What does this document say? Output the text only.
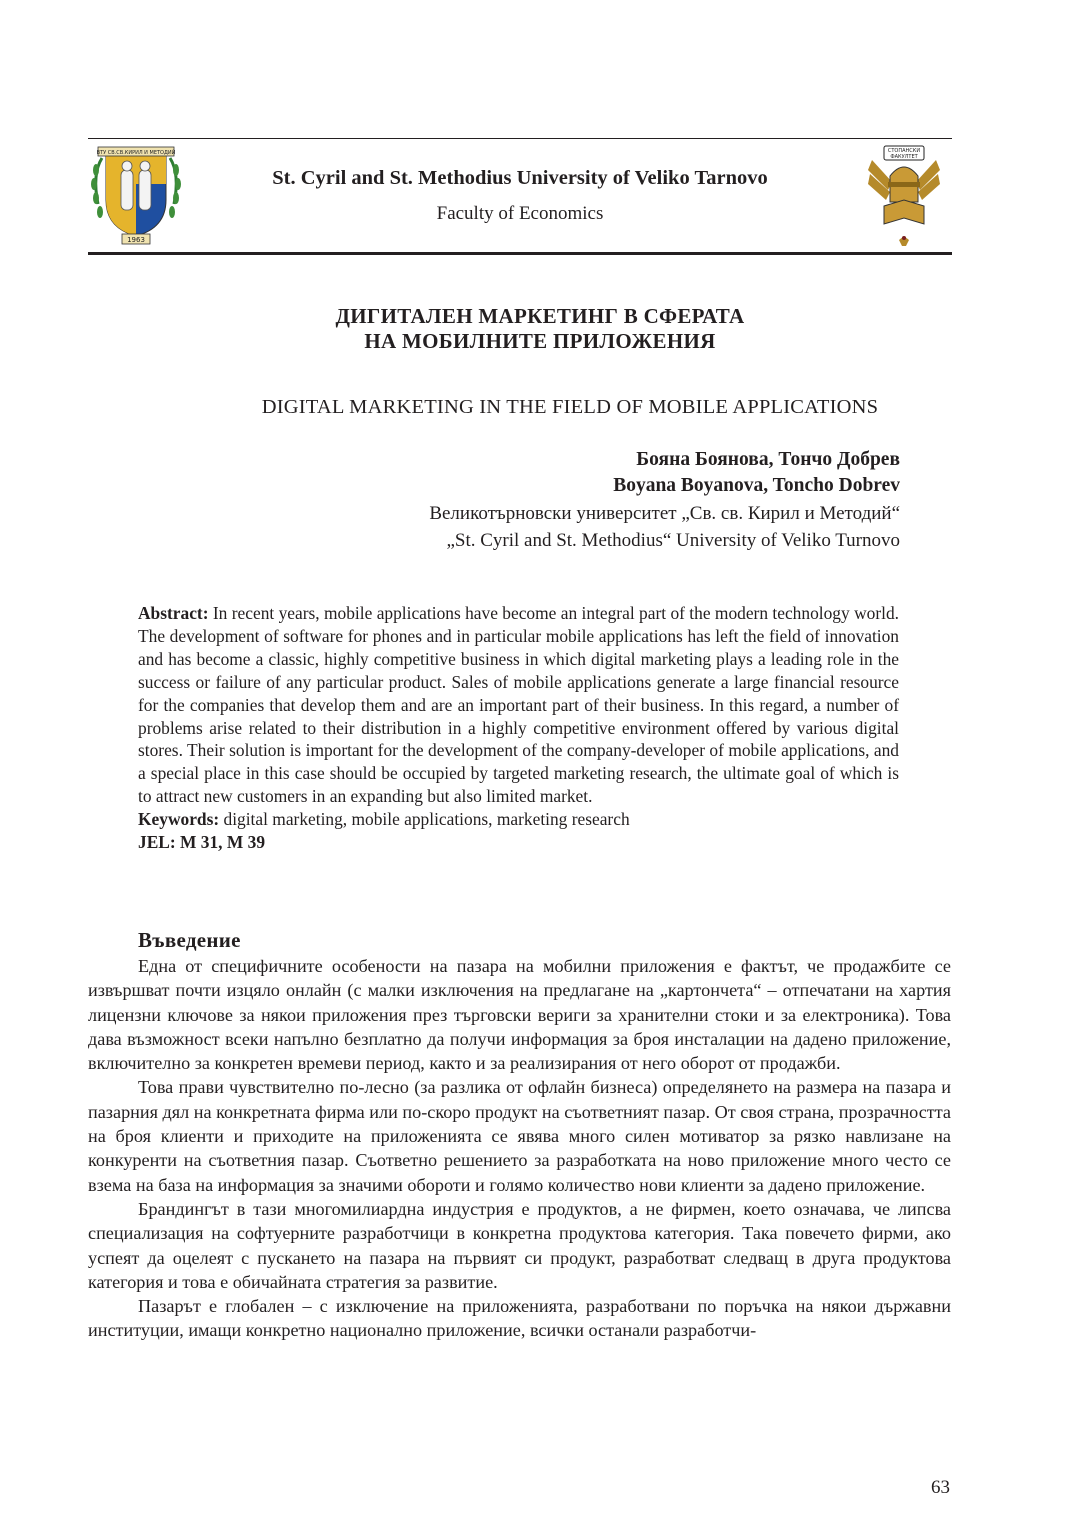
1963
ВТУ СВ.СВ.КИРИЛ И МЕТОДИЙ
St. Cyril and St. Methodius University of Veliko Tarnovo
Faculty of Economics
СТОПАНСКИ
ФАКУЛТЕТ
ДИГИТАЛЕН МАРКЕТИНГ В СФЕРАТА
НА МОБИЛНИТЕ ПРИЛОЖЕНИЯ
DIGITAL MARKETING IN THE FIELD OF MOBILE APPLICATIONS
Бояна Боянова, Тончо Добрев
Boyana Boyanova, Toncho Dobrev
Великотърновски университет „Св. св. Кирил и Методий“
„St. Cyril and St. Methodius“ University of Veliko Turnovo

Abstract: In recent years, mobile applications have become an integral part of the modern technology world. The development of software for phones and in particular mobile applications has left the field of innovation and has become a classic, highly competitive business in which digital marketing plays a leading role in the success or failure of any particular product. Sales of mobile applications generate a large financial resource for the companies that develop them and are an important part of their business. In this regard, a number of problems arise related to their distribution in a highly competitive environment offered by various digital stores. Their solution is important for the development of the company-developer of mobile applications, and a special place in this case should be occupied by targeted marketing research, the ultimate goal of which is to attract new customers in an expanding but also limited market.

Keywords: digital marketing, mobile applications, marketing research

JEL: M 31, M 39

Въведение

Една от специфичните особености на пазара на мобилни приложения е фактът, че продажбите се извършват почти изцяло онлайн (с малки изключения на предлагане на „картончета“ – отпечатани на хартия лицензни ключове за някои приложения през търговски вериги за хранителни стоки и за електроника). Това дава възможност всеки напълно безплатно да получи информация за броя инсталации на дадено приложение, включително за конкретен времеви период, както и за реализирания от него оборот от продажби.

Това прави чувствително по-лесно (за разлика от офлайн бизнеса) определянето на размера на пазара и пазарния дял на конкретната фирма или по-скоро продукт на съответният пазар. От своя страна, прозрачността на броя клиенти и приходите на приложенията се явява много силен мотиватор за рязко навлизане на конкуренти на съответния пазар. Съответно решението за разработката на ново приложение много често се взема на база на информация за значими обороти и голямо количество нови клиенти за дадено приложение.

Брандингът в тази многомилиардна индустрия е продуктов, а не фирмен, което означава, че липсва специализация на софтуерните разработчици в конкретна продуктова категория. Така повечето фирми, ако успеят да оцелеят с пускането на пазара на първият си продукт, разработват следващ в друга продуктова категория и това е обичайната стратегия за развитие.

Пазарът е глобален – с изключение на приложенията, разработвани по поръчка на някои държавни институции, имащи конкретно национално приложение, всички останали разработчи-

63
